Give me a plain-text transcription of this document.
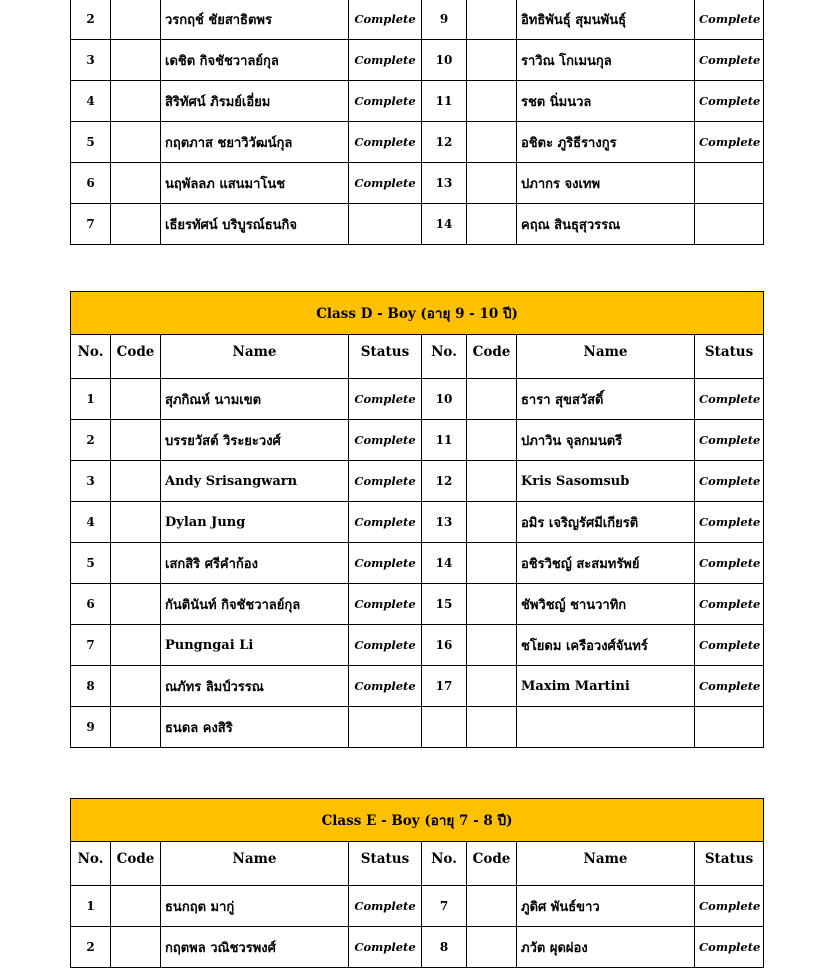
2		วรกฤช์ ชัยสาธิตพร	Complete	9		อิทธิพันธุ์ สุมนพันธุ์	Complete
3		เดชิต กิจชัชวาลย์กุล	Complete	10		ราวิณ โกเมนกุล	Complete
4		สิริทัศน์ ภิรมย์เอี่ยม	Complete	11		รชต นิ่มนวล	Complete
5		กฤตภาส ชยาวิวัฒน์กุล	Complete	12		อชิตะ ภูริธีรางกูร	Complete
6		นฤพัลลภ แสนมาโนช	Complete	13		ปภากร จงเทพ	
7		เธียรทัศน์ บริบูรณ์ธนกิจ		14		คฤณ สินธุสุวรรณ	
Class D - Boy (อายุ 9 - 10 ปี)							
No.	Code	Name	Status	No.	Code	Name	Status
1		สุภกิณห์ นามเขต	Complete	10		ธารา สุขสวัสดิ์	Complete
2		บรรยวัสต์ วิระยะวงศ์	Complete	11		ปภาวิน จุลกมนตรี	Complete
3		Andy Srisangwarn	Complete	12		Kris Sasomsub	Complete
4		Dylan Jung	Complete	13		อมิร เจริญรัศมีเกียรติ	Complete
5		เสกสิริ ศรีคำก้อง	Complete	14		อชิรวิชญ์ สะสมทรัพย์	Complete
6		กันตินันท์ กิจชัชวาลย์กุล	Complete	15		ชัพวิชญ์ ชานวาทิก	Complete
7		Pungngai Li	Complete	16		ชโยดม เครือวงศ์จันทร์	Complete
8		ณภัทร ลิมป์วรรณ	Complete	17		Maxim Martini	Complete
9		ธนดล คงสิริ					
Class E - Boy (อายุ 7 - 8 ปี)							
No.	Code	Name	Status	No.	Code	Name	Status
1		ธนกฤต มากู่	Complete	7		ภูดิศ พันธ์ขาว	Complete
2		กฤตพล วณิชวรพงศ์	Complete	8		ภวัต ผุดผ่อง	Complete
